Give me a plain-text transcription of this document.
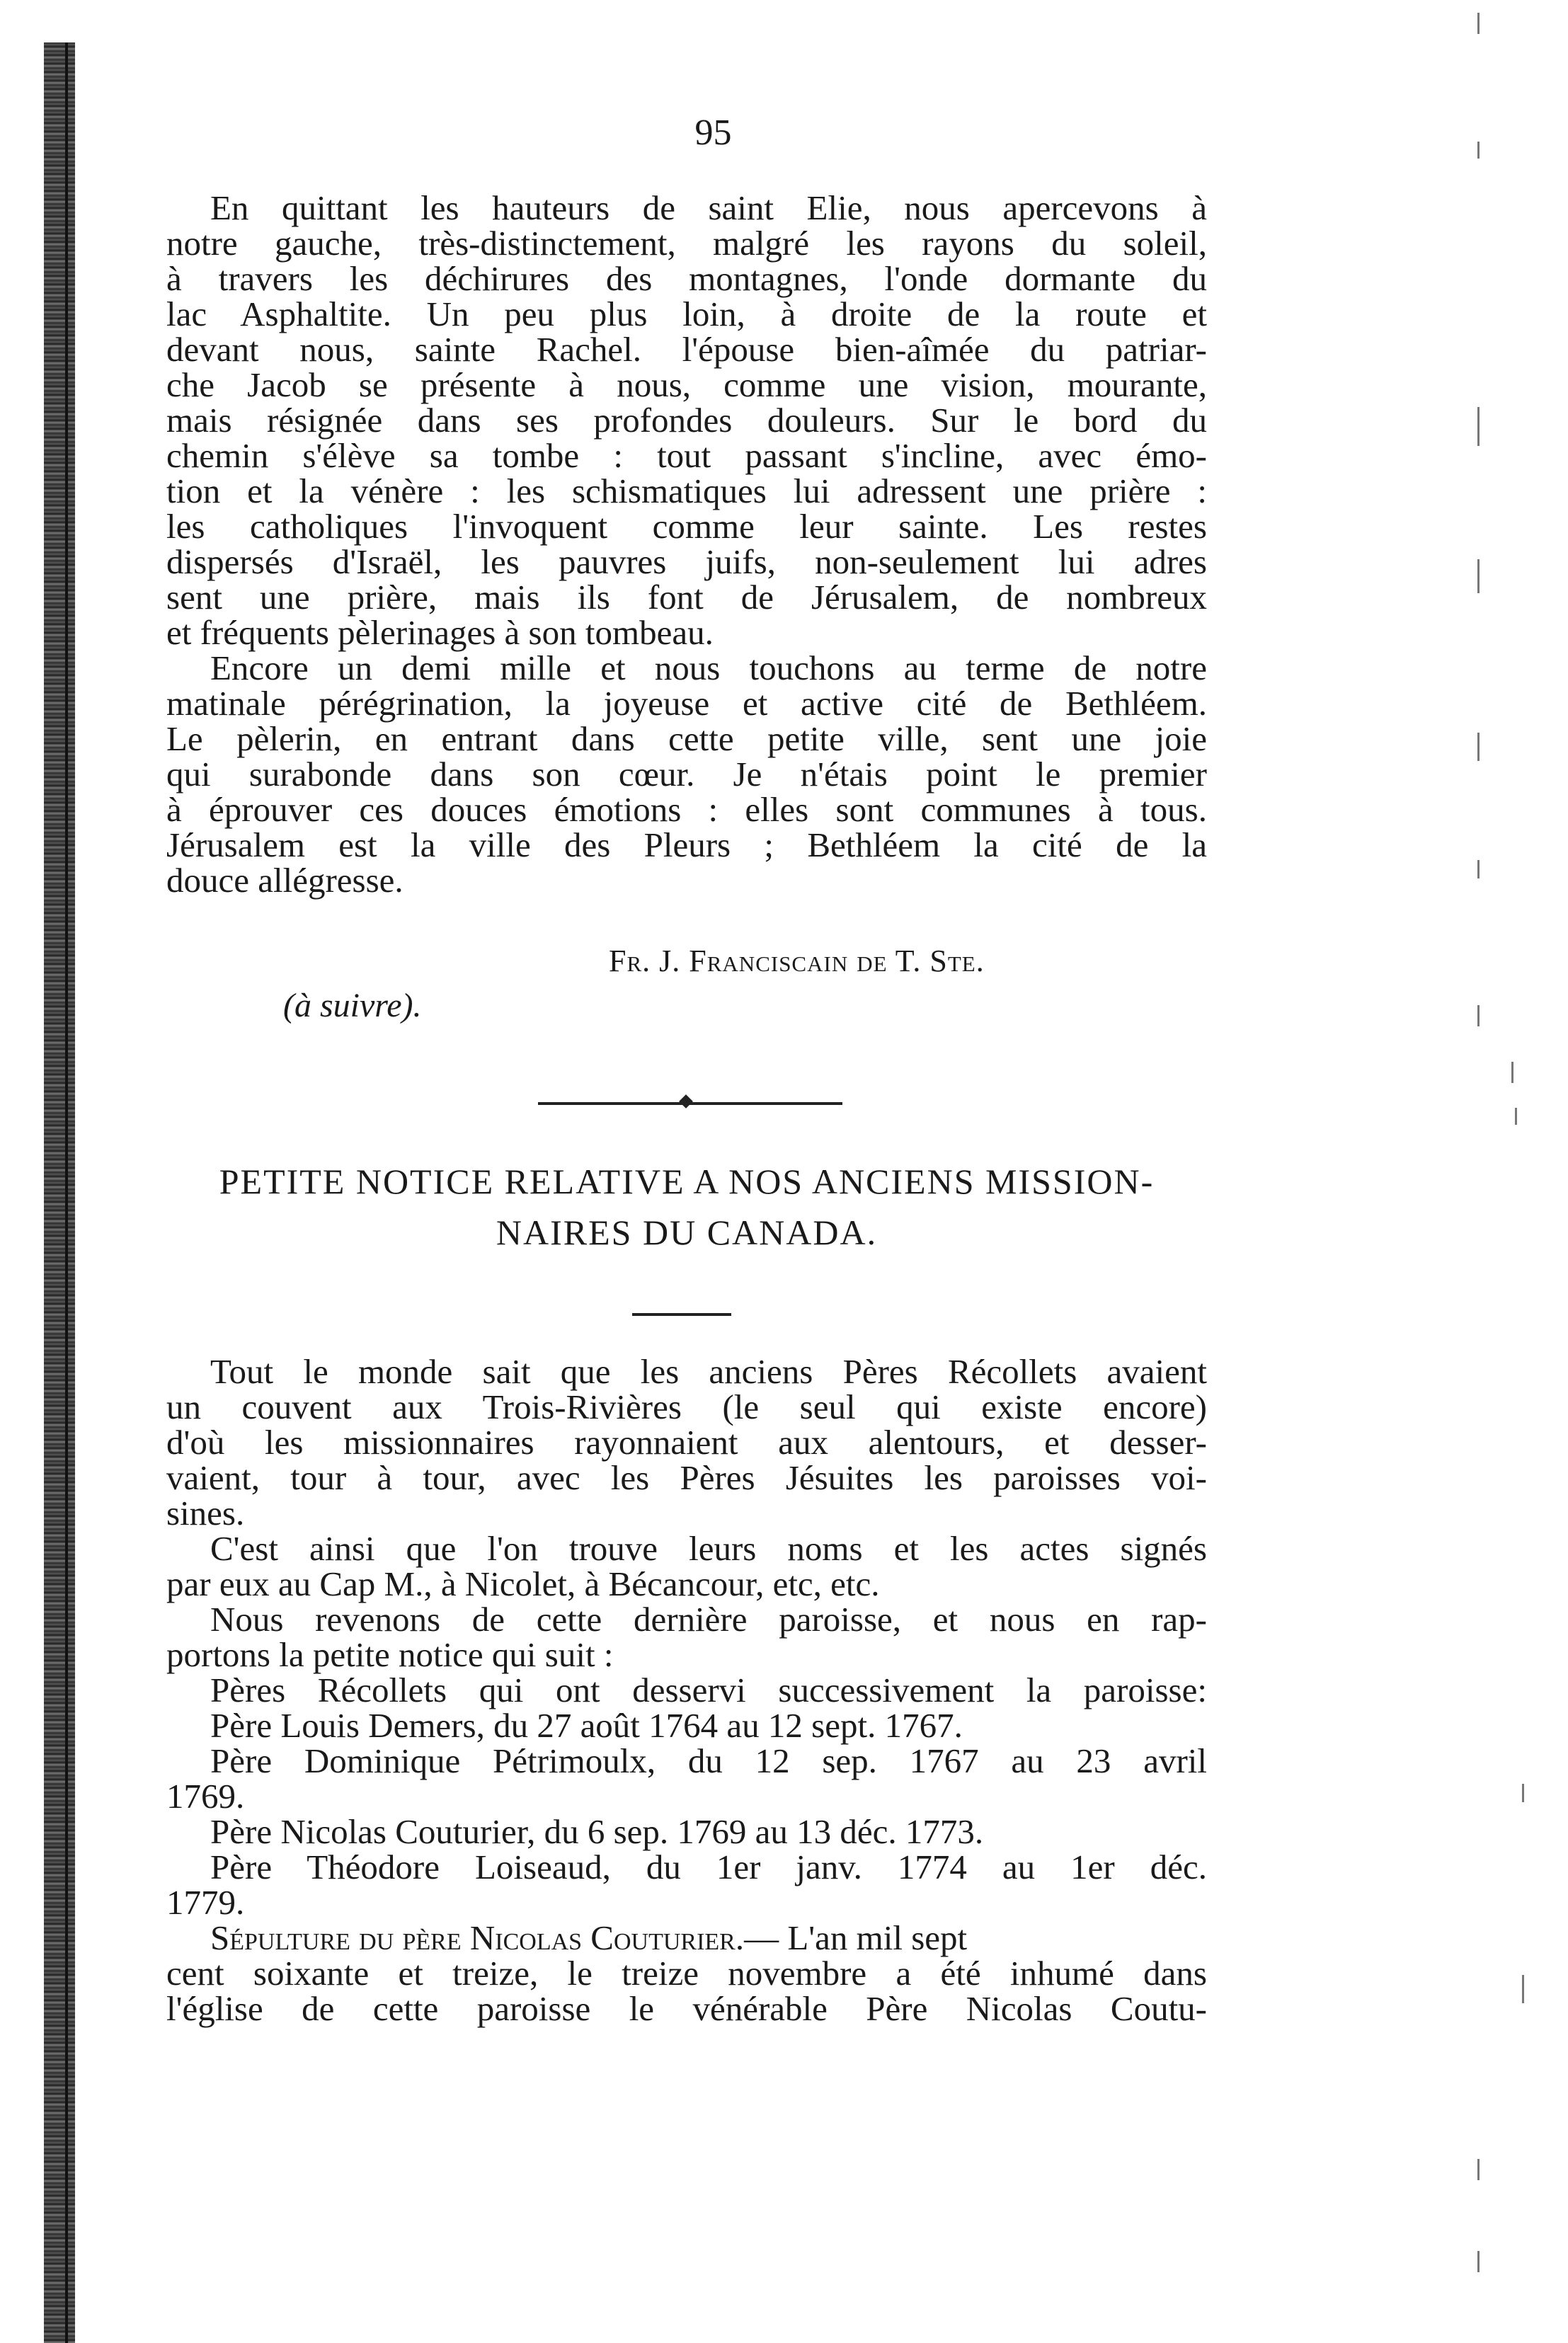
95
En quittant les hauteurs de saint Elie, nous apercevons à
notre gauche, très-distinctement, malgré les rayons du soleil,
à travers les déchirures des montagnes, l'onde dormante du
lac Asphaltite. Un peu plus loin, à droite de la route et
devant nous, sainte Rachel. l'épouse bien-aîmée du patriar-
che Jacob se présente à nous, comme une vision, mourante,
mais résignée dans ses profondes douleurs. Sur le bord du
chemin s'élève sa tombe : tout passant s'incline, avec émo-
tion et la vénère : les schismatiques lui adressent une prière :
les catholiques l'invoquent comme leur sainte. Les restes
dispersés d'Israël, les pauvres juifs, non-seulement lui adres
sent une prière, mais ils font de Jérusalem, de nombreux
et fréquents pèlerinages à son tombeau.
Encore un demi mille et nous touchons au terme de notre
matinale pérégrination, la joyeuse et active cité de Bethléem.
Le pèlerin, en entrant dans cette petite ville, sent une joie
qui surabonde dans son cœur. Je n'étais point le premier
à éprouver ces douces émotions : elles sont communes à tous.
Jérusalem est la ville des Pleurs ; Bethléem la cité de la
douce allégresse.
Fr. J. Franciscain de T. Ste.
(à suivre).
PETITE NOTICE RELATIVE A NOS ANCIENS MISSION-
NAIRES DU CANADA.
Tout le monde sait que les anciens Pères Récollets avaient
un couvent aux Trois-Rivières (le seul qui existe encore)
d'où les missionnaires rayonnaient aux alentours, et desser-
vaient, tour à tour, avec les Pères Jésuites les paroisses voi-
sines.
C'est ainsi que l'on trouve leurs noms et les actes signés
par eux au Cap M., à Nicolet, à Bécancour, etc, etc.
Nous revenons de cette dernière paroisse, et nous en rap-
portons la petite notice qui suit :
Pères Récollets qui ont desservi successivement la paroisse:
Père Louis Demers, du 27 août 1764 au 12 sept. 1767.
Père Dominique Pétrimoulx, du 12 sep. 1767 au 23 avril
1769.
Père Nicolas Couturier, du 6 sep. 1769 au 13 déc. 1773.
Père Théodore Loiseaud, du 1er janv. 1774 au 1er déc.
1779.
Sépulture du père Nicolas Couturier.— L'an mil sept
cent soixante et treize, le treize novembre a été inhumé dans
l'église de cette paroisse le vénérable Père Nicolas Coutu-
